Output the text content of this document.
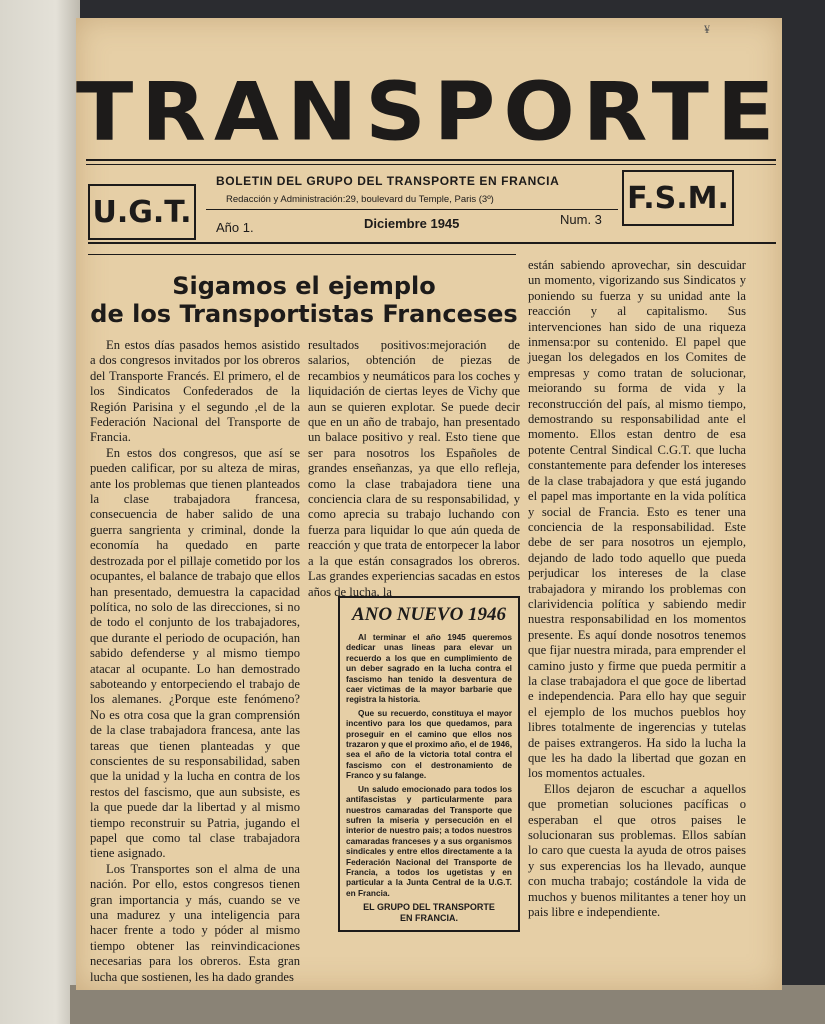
¥
TRANSPORTE
U.G.T.	F.S.M.
BOLETIN DEL GRUPO DEL TRANSPORTE EN FRANCIA
Redacción y Administración:29, boulevard du Temple, Paris (3º)
Año 1.	Diciembre 1945	Num. 3
Sigamos el ejemplo
de los Transportistas Franceses

En estos días pasados hemos asistido a dos congresos invitados por los obreros del Transporte Francés. El primero, el de los Sindicatos Confederados de la Región Parisina y el segundo ,el de la Federación Nacional del Transporte de Francia.

En estos dos congresos, que así se pueden calificar, por su alteza de miras, ante los problemas que tienen planteados la clase trabajadora francesa, consecuencia de haber salido de una guerra sangrienta y criminal, donde la economía ha quedado en parte destrozada por el pillaje cometido por los ocupantes, el balance de trabajo que ellos han presentado, demuestra la capacidad política, no solo de las direcciones, si no de todo el conjunto de los trabajadores, que durante el periodo de ocupación, han sabido defenderse y al mismo tiempo atacar al ocupante. Lo han demostrado saboteando y entorpeciendo el trabajo de los alemanes. ¿Porque este fenómeno? No es otra cosa que la gran comprensión de la clase trabajadora francesa, ante las tareas que tienen planteadas y que conscientes de su responsabilidad, saben que la unidad y la lucha en contra de los restos del fascismo, que aun subsiste, es la que puede dar la libertad y al mismo tiempo reconstruir su Patria, jugando el papel que como tal clase trabajadora tiene asignado.

Los Transportes son el alma de una nación. Por ello, estos congresos tienen gran importancia y más, cuando se ve una madurez y una inteligencia para hacer frente a todo y póder al mismo tiempo obtener las reinvindicaciones necesarias para los obreros. Esta gran lucha que sostienen, les ha dado grandes

resultados positivos:mejoración de salarios, obtención de piezas de recambios y neumáticos para los coches y liquidación de ciertas leyes de Vichy que aun se quieren explotar. Se puede decir que en un año de trabajo, han presentado un balace positivo y real. Esto tiene que ser para nosotros los Españoles de grandes enseñanzas, ya que ello refleja, como la clase trabajadora tiene una conciencia clara de su responsabilidad, y como aprecia su trabajo luchando con fuerza para liquidar lo que aún queda de reacción y que trata de entorpecer la labor a la que están consagrados los obreros. Las grandes experiencias sacadas en estos años de lucha, la

ANO NUEVO 1946

Al terminar el año 1945 queremos dedicar unas lineas para elevar un recuerdo a los que en cumplimiento de un deber sagrado en la lucha contra el fascismo han tenido la desventura de caer victimas de la mayor barbarie que registra la historia.

Que su recuerdo, constituya el mayor incentivo para los que quedamos, para proseguir en el camino que ellos nos trazaron y que el proximo año, el de 1946, sea el año de la victoria total contra el fascismo con el destronamiento de Franco y su falange.

Un saludo emocionado para todos los antifascistas y particularmente para nuestros camaradas del Transporte que sufren la miseria y persecución en el interior de nuestro pais; a todos nuestros camaradas franceses y a sus organismos sindicales y entre ellos directamente a la Federación Nacional del Transporte de Francia, a todos los ugetistas y en particular a la Junta Central de la U.G.T. en Francia.

EL GRUPO DEL TRANSPORTE
EN FRANCIA.

están sabiendo aprovechar, sin descuidar un momento, vigorizando sus Sindicatos y poniendo su fuerza y su unidad ante la reacción y al capitalismo. Sus intervenciones han sido de una riqueza inmensa:por su contenido. El papel que juegan los delegados en los Comites de empresas y como tratan de solucionar, meiorando su forma de vida y la reconstrucción del país, al mismo tiempo, demostrando su responsabilidad ante el momento. Ellos estan dentro de esa potente Central Sindical C.G.T. que lucha constantemente para defender los intereses de la clase trabajadora y que está jugando el papel mas importante en la vida política y social de Francia. Esto es tener una conciencia de la responsabilidad. Este debe de ser para nosotros un ejemplo, dejando de lado todo aquello que pueda perjudicar los intereses de la clase trabajadora y mirando los problemas con clarividencia política y sabiendo medir nuestra responsabilidad en los momentos presente. Es aquí donde nosotros tenemos que fijar nuestra mirada, para emprender el camino justo y firme que pueda permitir a la clase trabajadora el que goce de libertad e independencia. Para ello hay que seguir el ejemplo de los muchos pueblos hoy libres totalmente de ingerencias y tutelas de paises extrangeros. Ha sido la lucha la que les ha dado la libertad que gozan en los momentos actuales.

Ellos dejaron de escuchar a aquellos que prometian soluciones pacíficas o esperaban el que otros paises le solucionaran sus problemas. Ellos sabían lo caro que cuesta la ayuda de otros paises y sus experencias los ha llevado, aunque con mucha trabajo; costándole la vida de muchos y buenos militantes a tener hoy un pais libre e independiente.
